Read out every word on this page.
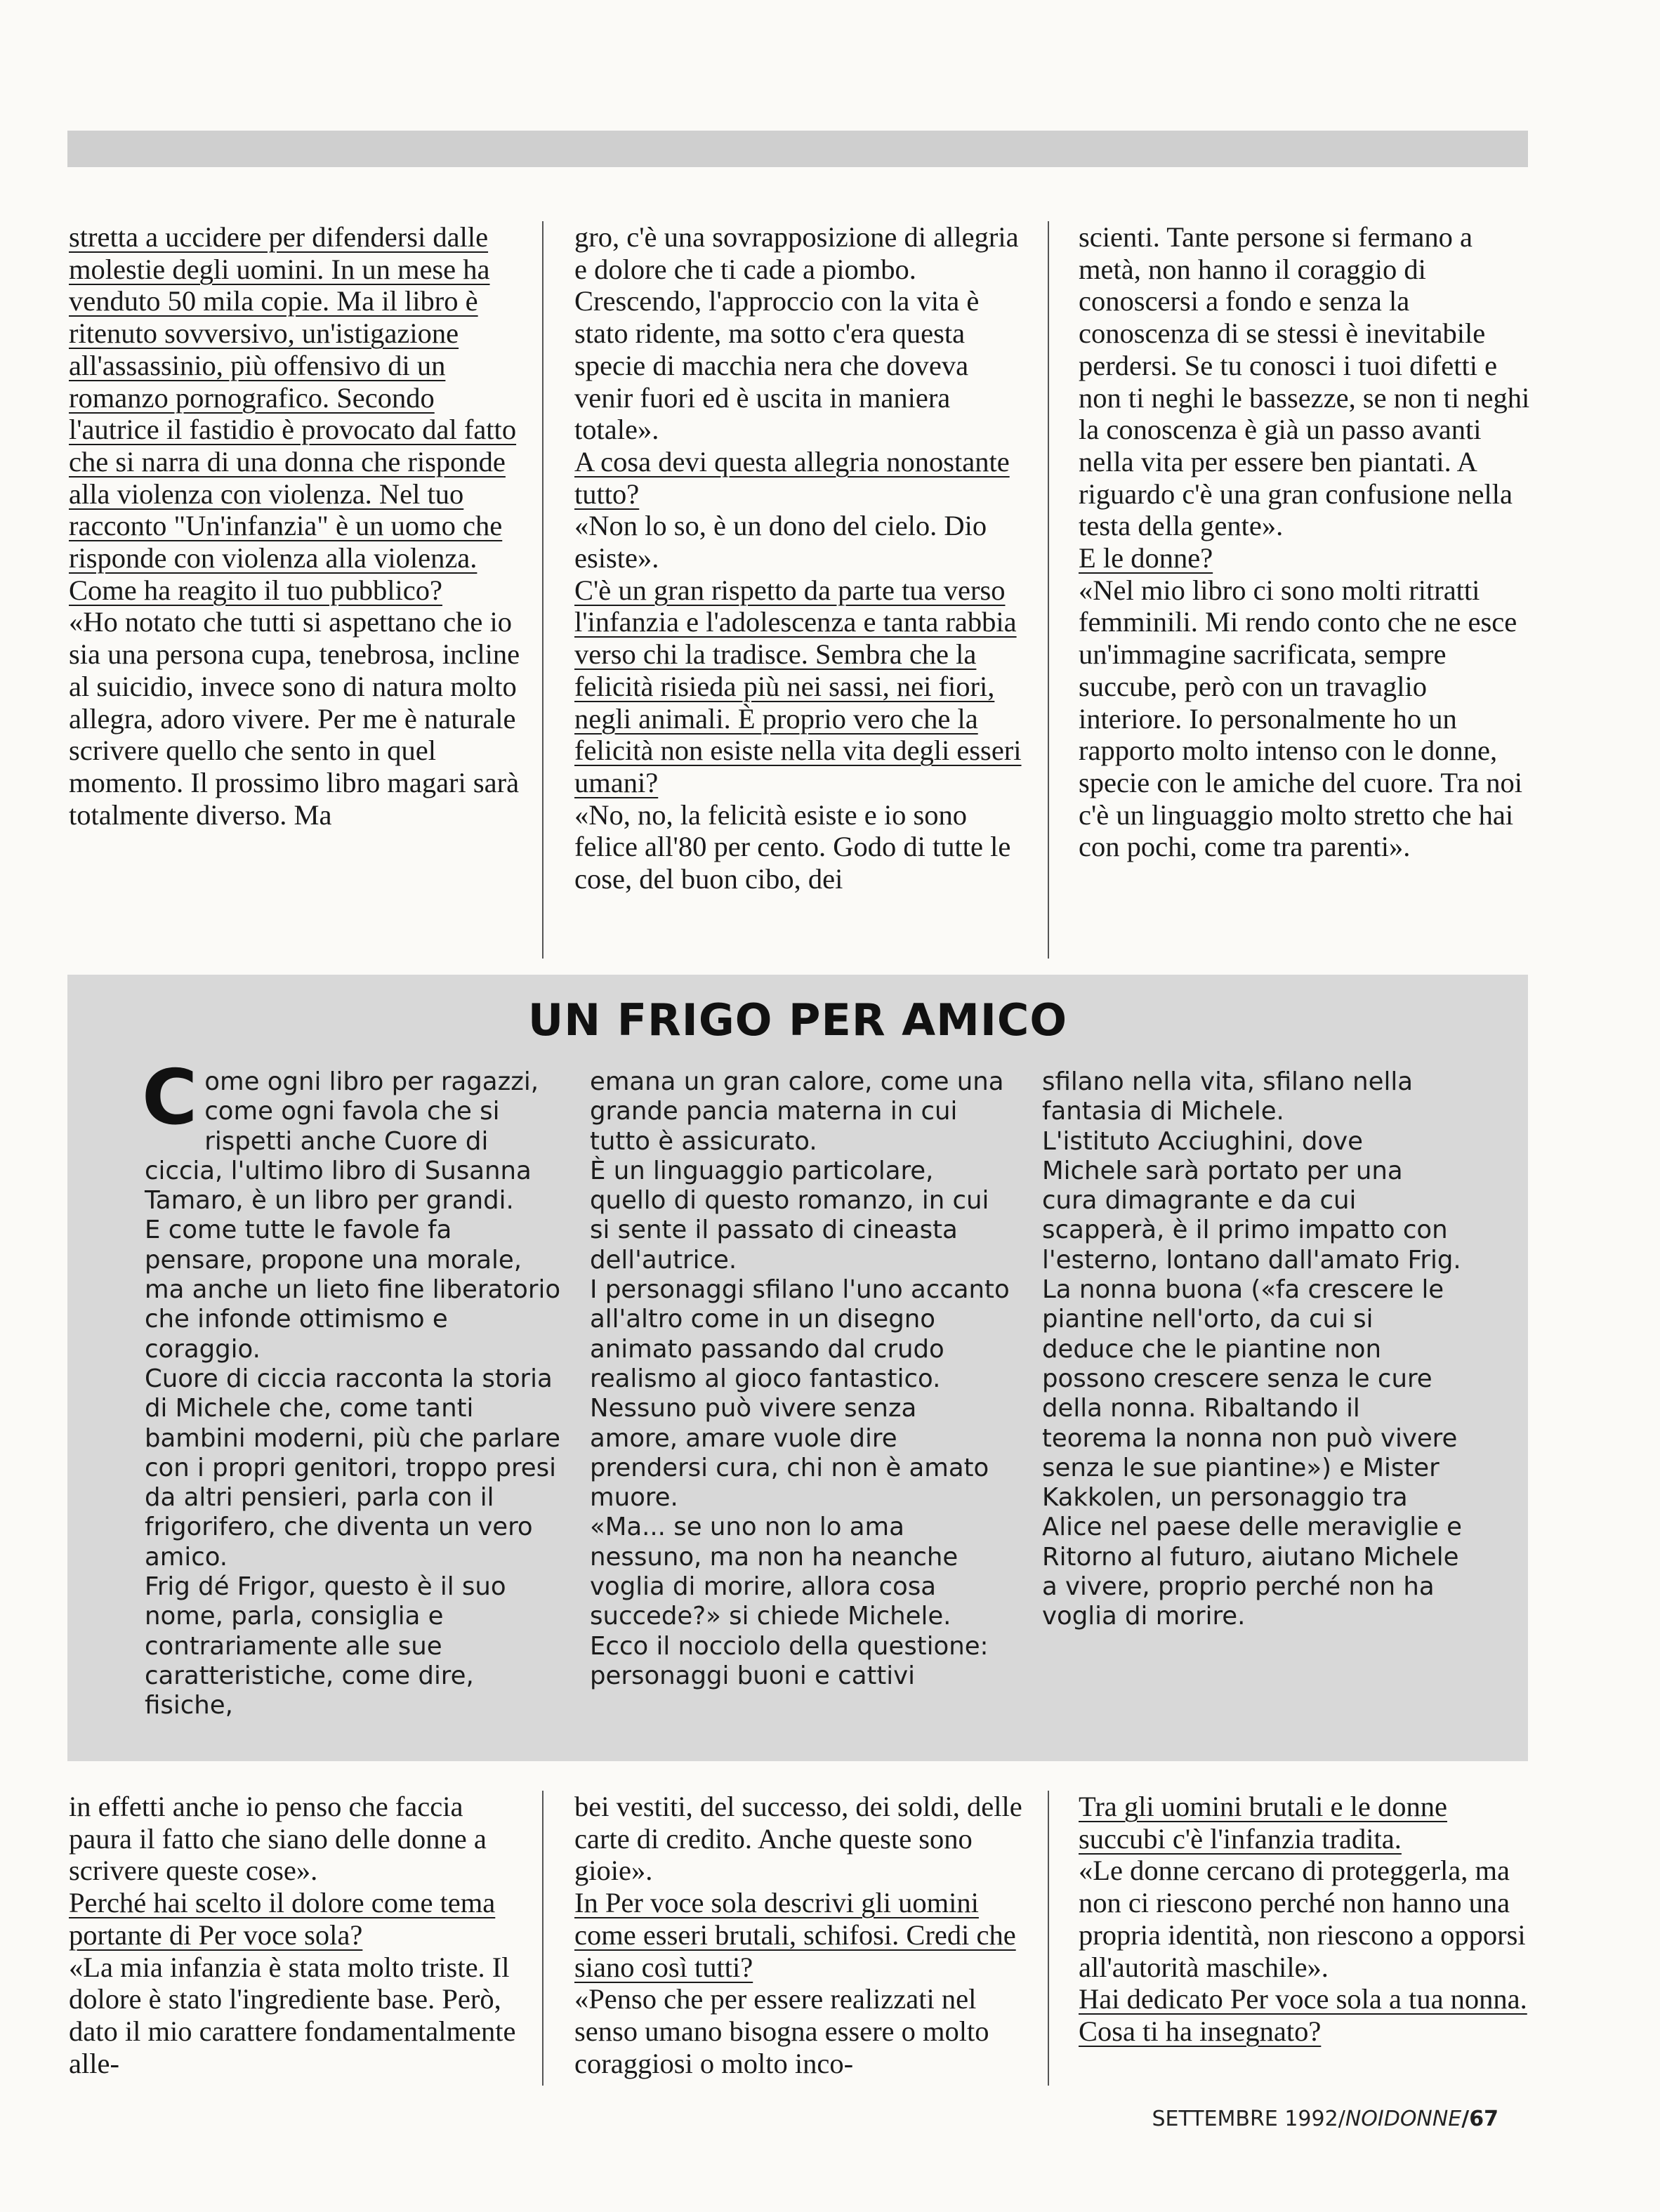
stretta a uccidere per difendersi dalle molestie degli uomini. In un mese ha venduto 50 mila copie. Ma il libro è ritenuto sovversivo, un'istigazione all'assassinio, più offensivo di un romanzo pornografico. Secondo l'autrice il fastidio è provocato dal fatto che si narra di una donna che risponde alla violenza con violenza. Nel tuo racconto "Un'infanzia" è un uomo che risponde con violenza alla violenza. Come ha reagito il tuo pubblico?

«Ho notato che tutti si aspettano che io sia una persona cupa, tenebrosa, incline al suicidio, invece sono di natura molto allegra, adoro vivere. Per me è naturale scrivere quello che sento in quel momento. Il prossimo libro magari sarà totalmente diverso. Ma

gro, c'è una sovrapposizione di allegria e dolore che ti cade a piombo. Crescendo, l'approccio con la vita è stato ridente, ma sotto c'era questa specie di macchia nera che doveva venir fuori ed è uscita in maniera totale».

A cosa devi questa allegria nonostante tutto?

«Non lo so, è un dono del cielo. Dio esiste».

C'è un gran rispetto da parte tua verso l'infanzia e l'adolescenza e tanta rabbia verso chi la tradisce. Sembra che la felicità risieda più nei sassi, nei fiori, negli animali. È proprio vero che la felicità non esiste nella vita degli esseri umani?

«No, no, la felicità esiste e io sono felice all'80 per cento. Godo di tutte le cose, del buon cibo, dei

scienti. Tante persone si fermano a metà, non hanno il coraggio di conoscersi a fondo e senza la conoscenza di se stessi è inevitabile perdersi. Se tu conosci i tuoi difetti e non ti neghi le bassezze, se non ti neghi la conoscenza è già un passo avanti nella vita per essere ben piantati. A riguardo c'è una gran confusione nella testa della gente».

E le donne?

«Nel mio libro ci sono molti ritratti femminili. Mi rendo conto che ne esce un'immagine sacrificata, sempre succube, però con un travaglio interiore. Io personalmente ho un rapporto molto intenso con le donne, specie con le amiche del cuore. Tra noi c'è un linguaggio molto stretto che hai con pochi, come tra parenti».

UN FRIGO PER AMICO

Come ogni libro per ragazzi, come ogni favola che si rispetti anche Cuore di ciccia, l'ultimo libro di Susanna Tamaro, è un libro per grandi.

E come tutte le favole fa pensare, propone una morale, ma anche un lieto fine liberatorio che infonde ottimismo e coraggio.

Cuore di ciccia racconta la storia di Michele che, come tanti bambini moderni, più che parlare con i propri genitori, troppo presi da altri pensieri, parla con il frigorifero, che diventa un vero amico.

Frig dé Frigor, questo è il suo nome, parla, consiglia e contrariamente alle sue caratteristiche, come dire, fisiche,

emana un gran calore, come una grande pancia materna in cui tutto è assicurato.

È un linguaggio particolare, quello di questo romanzo, in cui si sente il passato di cineasta dell'autrice.

I personaggi sfilano l'uno accanto all'altro come in un disegno animato passando dal crudo realismo al gioco fantastico. Nessuno può vivere senza amore, amare vuole dire prendersi cura, chi non è amato muore.

«Ma... se uno non lo ama nessuno, ma non ha neanche voglia di morire, allora cosa succede?» si chiede Michele.

Ecco il nocciolo della questione: personaggi buoni e cattivi

sfilano nella vita, sfilano nella fantasia di Michele.

L'istituto Acciughini, dove Michele sarà portato per una cura dimagrante e da cui scapperà, è il primo impatto con l'esterno, lontano dall'amato Frig.

La nonna buona («fa crescere le piantine nell'orto, da cui si deduce che le piantine non possono crescere senza le cure della nonna. Ribaltando il teorema la nonna non può vivere senza le sue piantine») e Mister Kakkolen, un personaggio tra Alice nel paese delle meraviglie e Ritorno al futuro, aiutano Michele a vivere, proprio perché non ha voglia di morire.

in effetti anche io penso che faccia paura il fatto che siano delle donne a scrivere queste cose».

Perché hai scelto il dolore come tema portante di Per voce sola?

«La mia infanzia è stata molto triste. Il dolore è stato l'ingrediente base. Però, dato il mio carattere fondamentalmente alle-

bei vestiti, del successo, dei soldi, delle carte di credito. Anche queste sono gioie».

In Per voce sola descrivi gli uomini come esseri brutali, schifosi. Credi che siano così tutti?

«Penso che per essere realizzati nel senso umano bisogna essere o molto coraggiosi o molto inco-

Tra gli uomini brutali e le donne succubi c'è l'infanzia tradita.

«Le donne cercano di proteggerla, ma non ci riescono perché non hanno una propria identità, non riescono a opporsi all'autorità maschile».

Hai dedicato Per voce sola a tua nonna. Cosa ti ha insegnato?

SETTEMBRE 1992/NOIDONNE/67
